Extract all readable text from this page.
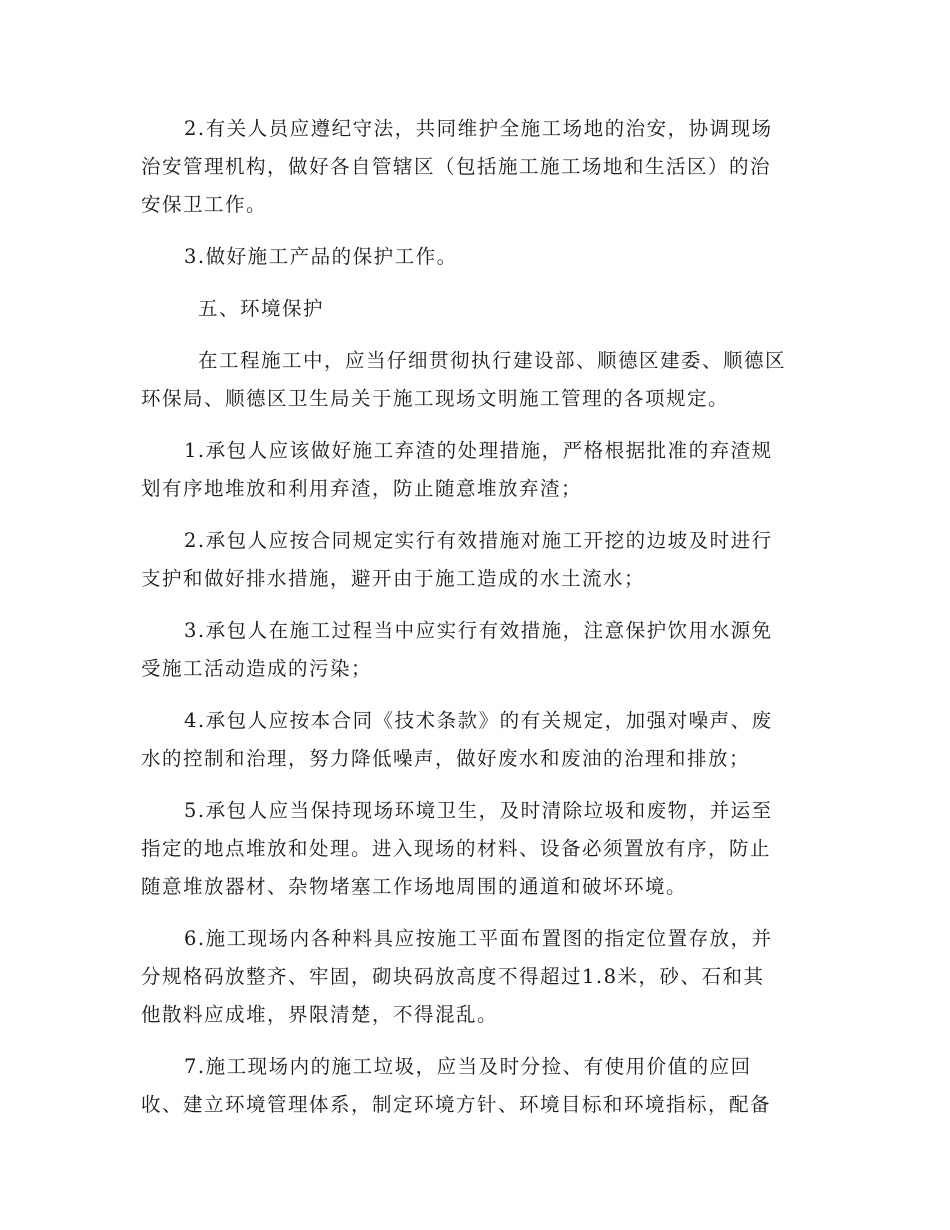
2.有关人员应遵纪守法，共同维护全施工场地的治安，协调现场
治安管理机构，做好各自管辖区（包括施工施工场地和生活区）的治
安保卫工作。
3.做好施工产品的保护工作。
五、环境保护
在工程施工中，应当仔细贯彻执行建设部、顺德区建委、顺德区
环保局、顺德区卫生局关于施工现场文明施工管理的各项规定。
1.承包人应该做好施工弃渣的处理措施，严格根据批准的弃渣规
划有序地堆放和利用弃渣，防止随意堆放弃渣；
2.承包人应按合同规定实行有效措施对施工开挖的边坡及时进行
支护和做好排水措施，避开由于施工造成的水土流水；
3.承包人在施工过程当中应实行有效措施，注意保护饮用水源免
受施工活动造成的污染；
4.承包人应按本合同《技术条款》的有关规定，加强对噪声、废
水的控制和治理，努力降低噪声，做好废水和废油的治理和排放；
5.承包人应当保持现场环境卫生，及时清除垃圾和废物，并运至
指定的地点堆放和处理。进入现场的材料、设备必须置放有序，防止
随意堆放器材、杂物堵塞工作场地周围的通道和破坏环境。
6.施工现场内各种料具应按施工平面布置图的指定位置存放，并
分规格码放整齐、牢固，砌块码放高度不得超过1.8米，砂、石和其
他散料应成堆，界限清楚，不得混乱。
7.施工现场内的施工垃圾，应当及时分捡、有使用价值的应回
收、建立环境管理体系，制定环境方针、环境目标和环境指标，配备
